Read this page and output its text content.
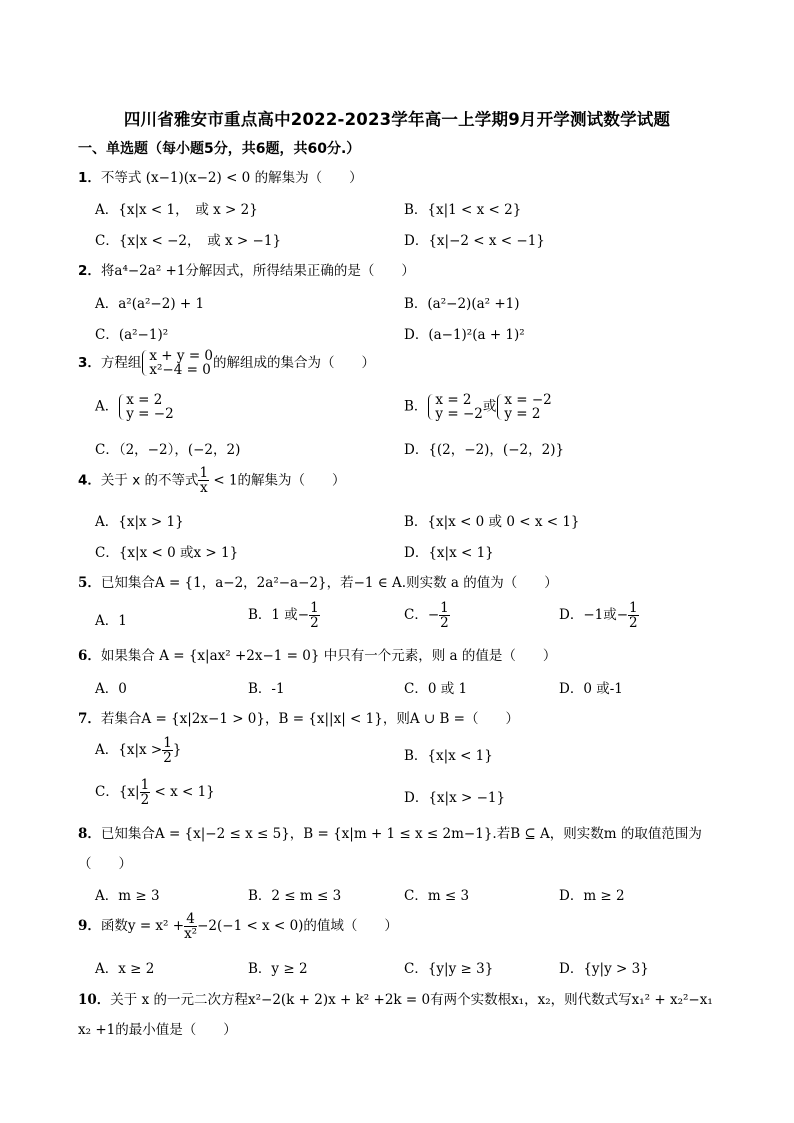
四川省雅安市重点高中2022-2023学年高一上学期9月开学测试数学试题
一、单选题（每小题5分，共6题，共60分.）
1．不等式 (x−1)(x−2) < 0 的解集为（　　）
A．{x|x < 1，　或 x > 2}	B．{x|1 < x < 2}
C．{x|x < −2，　或 x > −1}	D．{x|−2 < x < −1}
2．将a⁴−2a² +1分解因式，所得结果正确的是（　　）
A．a²(a²−2) + 1	B．(a²−2)(a² +1)
C．(a²−1)²	D．(a−1)²(a + 1)²
3．方程组 x + y = 0
x²−4 = 0 的解组成的集合为（　　）
A． x = 2
y = −2	B． x = 2
y = −2 或 x = −2
y = 2
C．（2，−2），(−2，2)	D．{(2，−2)，(−2，2)}
4．关于 x 的不等式 $\frac{1}{x} < 1$的解集为（　　）
A．{x|x > 1}	B．{x|x < 0 或 0 < x < 1}
C．{x|x < 0 或x > 1}	D．{x|x < 1}
5．已知集合A = {1，a−2，2a²−a−2}，若−1 ∈ A.则实数 a 的值为（　　）
A．1	B．1 或− $\frac{1}{2}$	C．− $\frac{1}{2}$	D．−1或− $\frac{1}{2}$
6．如果集合 A = {x|ax² +2x−1 = 0} 中只有一个元素，则 a 的值是（　　）
A．0	B．-1	C．0 或 1	D．0 或-1
7．若集合A = {x|2x−1 > 0}，B = {x||x| < 1}，则A ∪ B =（　　）
A．{$x|x > \frac{1}{2}$ }	B．{x|x < 1}
C．$\{x| \frac{1}{2} < x < 1\}$	D．{x|x > −1}
8．已知集合A = {x|−2 ≤ x ≤ 5}，B = {x|m + 1 ≤ x ≤ 2m−1}.若B ⊆ A，则实数m 的取值范围为
（　　）
A．m ≥ 3	B．2 ≤ m ≤ 3	C．m ≤ 3	D．m ≥ 2
9．函数$y = x^2 + \frac{4}{\text{x²}} -2(-1 < x < 0)$的值域（　　）
A．x ≥ 2	B．y ≥ 2	C．{y|y ≥ 3}	D．{y|y > 3}
10．关于 x 的一元二次方程x²−2(k + 2)x + k² +2k = 0有两个实数根x₁，x₂，则代数式写x₁² + x₂²−x₁
x₂ +1的最小值是（　　）
